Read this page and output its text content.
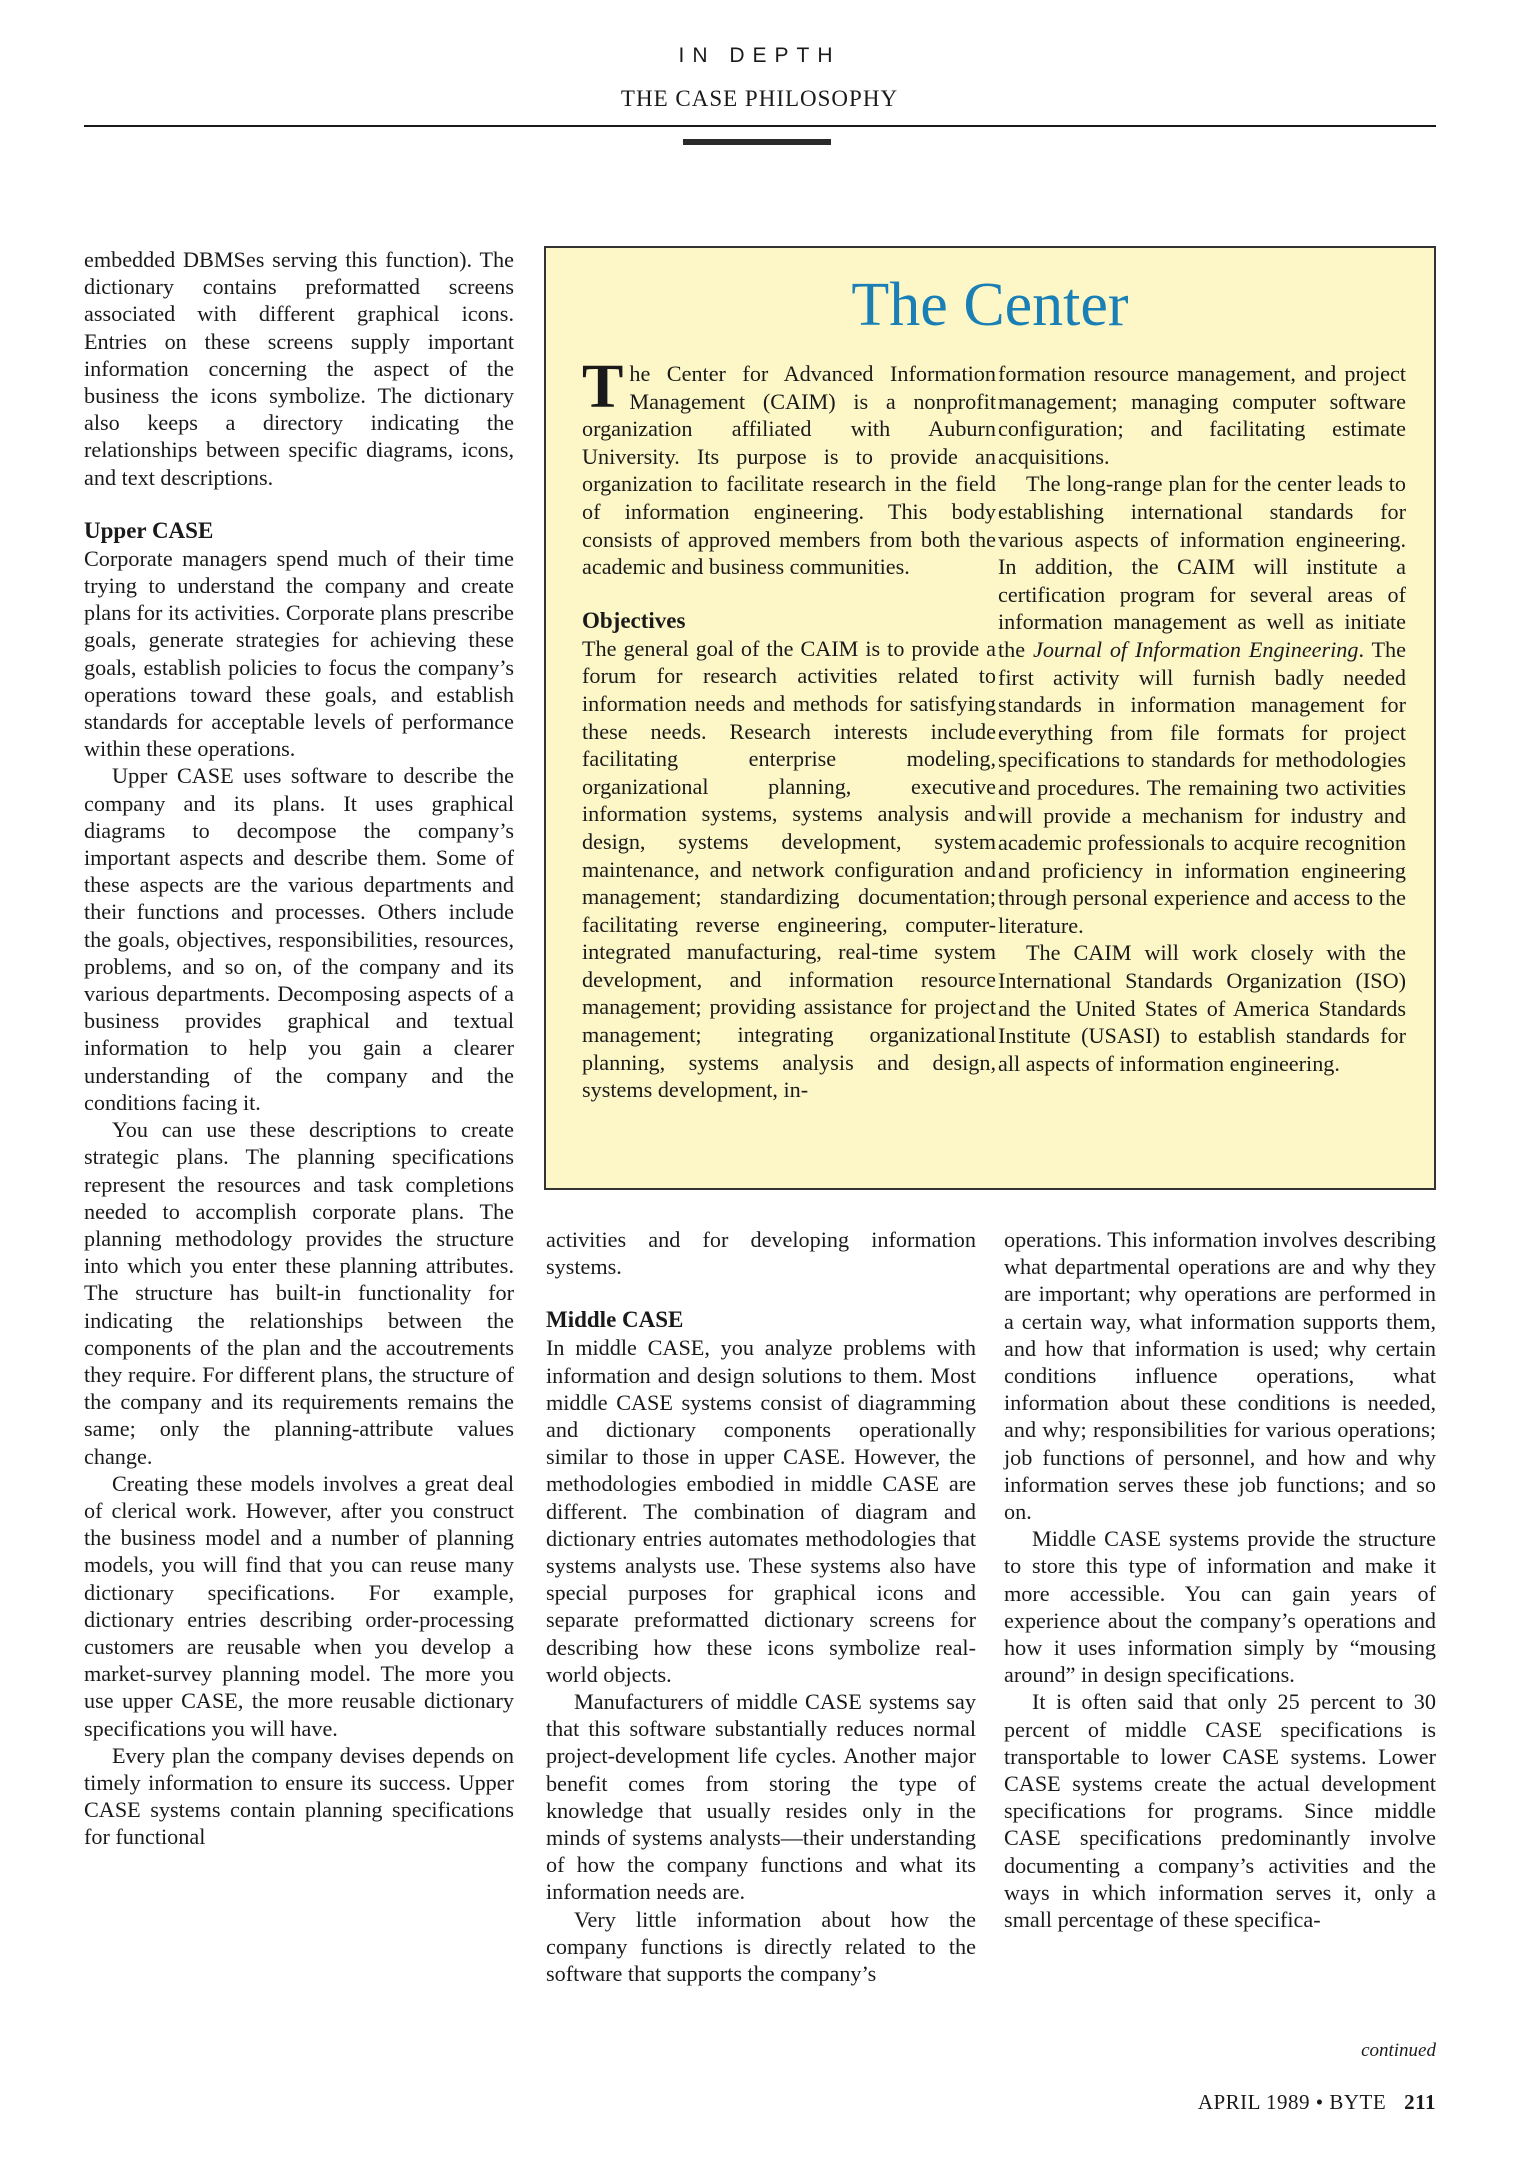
IN DEPTH
THE CASE PHILOSOPHY

embedded DBMSes serving this function). The dictionary contains preformatted screens associated with different graphical icons. Entries on these screens supply important information concerning the aspect of the business the icons symbolize. The dictionary also keeps a directory indicating the relationships between specific diagrams, icons, and text descriptions.

Upper CASE

Corporate managers spend much of their time trying to understand the company and create plans for its activities. Corporate plans prescribe goals, generate strategies for achieving these goals, establish policies to focus the company’s operations toward these goals, and establish standards for acceptable levels of performance within these operations.

Upper CASE uses software to describe the company and its plans. It uses graphical diagrams to decompose the company’s important aspects and describe them. Some of these aspects are the various departments and their functions and processes. Others include the goals, objectives, responsibilities, resources, problems, and so on, of the company and its various departments. Decomposing aspects of a business provides graphical and textual information to help you gain a clearer understanding of the company and the conditions facing it.

You can use these descriptions to create strategic plans. The planning specifications represent the resources and task completions needed to accomplish corporate plans. The planning methodology provides the structure into which you enter these planning attributes. The structure has built-in functionality for indicating the relationships between the components of the plan and the accoutrements they require. For different plans, the structure of the company and its requirements remains the same; only the planning-attribute values change.

Creating these models involves a great deal of clerical work. However, after you construct the business model and a number of planning models, you will find that you can reuse many dictionary specifications. For example, dictionary entries describing order-processing customers are reusable when you develop a market-survey planning model. The more you use upper CASE, the more reusable dictionary specifications you will have.

Every plan the company devises depends on timely information to ensure its success. Upper CASE systems contain planning specifications for functional

The Center

The Center for Advanced Information Management (CAIM) is a nonprofit organization affiliated with Auburn University. Its purpose is to provide an organization to facilitate research in the field of information engineering. This body consists of approved members from both the academic and business communities.

Objectives

The general goal of the CAIM is to provide a forum for research activities related to information needs and methods for satisfying these needs. Research interests include facilitating enterprise modeling, organizational planning, executive information systems, systems analysis and design, systems development, system maintenance, and network configuration and management; standardizing documentation; facilitating reverse engineering, computer-integrated manufacturing, real-time system development, and information resource management; providing assistance for project management; integrating organizational planning, systems analysis and design, systems development, in-

formation resource management, and project management; managing computer software configuration; and facilitating estimate acquisitions.

The long-range plan for the center leads to establishing international standards for various aspects of information engineering. In addition, the CAIM will institute a certification program for several areas of information management as well as initiate the Journal of Information Engineering. The first activity will furnish badly needed standards in information management for everything from file formats for project specifications to standards for methodologies and procedures. The remaining two activities will provide a mechanism for industry and academic professionals to acquire recognition and proficiency in information engineering through personal experience and access to the literature.

The CAIM will work closely with the International Standards Organization (ISO) and the United States of America Standards Institute (USASI) to establish standards for all aspects of information engineering.

activities and for developing information systems.

Middle CASE

In middle CASE, you analyze problems with information and design solutions to them. Most middle CASE systems consist of diagramming and dictionary components operationally similar to those in upper CASE. However, the methodologies embodied in middle CASE are different. The combination of diagram and dictionary entries automates methodologies that systems analysts use. These systems also have special purposes for graphical icons and separate preformatted dictionary screens for describing how these icons symbolize real-world objects.

Manufacturers of middle CASE systems say that this software substantially reduces normal project-development life cycles. Another major benefit comes from storing the type of knowledge that usually resides only in the minds of systems analysts—their understanding of how the company functions and what its information needs are.

Very little information about how the company functions is directly related to the software that supports the company’s

operations. This information involves describing what departmental operations are and why they are important; why operations are performed in a certain way, what information supports them, and how that information is used; why certain conditions influence operations, what information about these conditions is needed, and why; responsibilities for various operations; job functions of personnel, and how and why information serves these job functions; and so on.

Middle CASE systems provide the structure to store this type of information and make it more accessible. You can gain years of experience about the company’s operations and how it uses information simply by “mousing around” in design specifications.

It is often said that only 25 percent to 30 percent of middle CASE specifications is transportable to lower CASE systems. Lower CASE systems create the actual development specifications for programs. Since middle CASE specifications predominantly involve documenting a company’s activities and the ways in which information serves it, only a small percentage of these specifica-

continued
APRIL 1989 • BYTE 211
